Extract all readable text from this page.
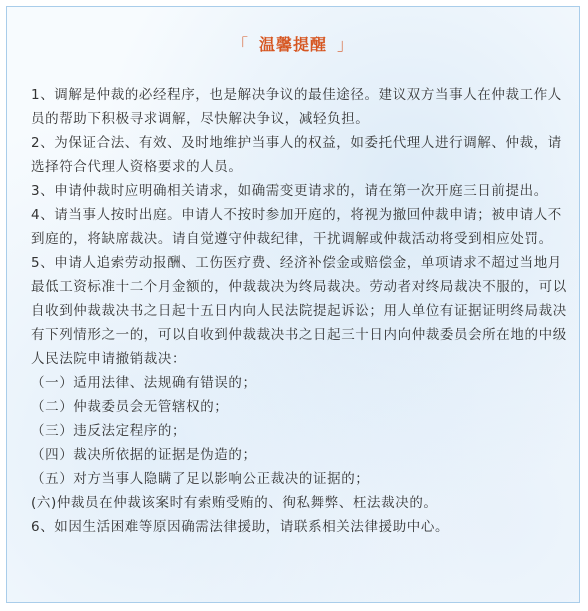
「 温馨提醒 」

1、调解是仲裁的必经程序，也是解决争议的最佳途径。建议双方当事人在仲裁工作人员的帮助下积极寻求调解，尽快解决争议，减轻负担。

2、为保证合法、有效、及时地维护当事人的权益，如委托代理人进行调解、仲裁，请选择符合代理人资格要求的人员。

3、申请仲裁时应明确相关请求，如确需变更请求的，请在第一次开庭三日前提出。

4、请当事人按时出庭。申请人不按时参加开庭的，将视为撤回仲裁申请；被申请人不到庭的，将缺席裁决。请自觉遵守仲裁纪律，干扰调解或仲裁活动将受到相应处罚。

5、申请人追索劳动报酬、工伤医疗费、经济补偿金或赔偿金，单项请求不超过当地月最低工资标准十二个月金额的，仲裁裁决为终局裁决。劳动者对终局裁决不服的，可以自收到仲裁裁决书之日起十五日内向人民法院提起诉讼；用人单位有证据证明终局裁决有下列情形之一的，可以自收到仲裁裁决书之日起三十日内向仲裁委员会所在地的中级人民法院申请撤销裁决：

（一）适用法律、法规确有错误的；

（二）仲裁委员会无管辖权的；

（三）违反法定程序的；

（四）裁决所依据的证据是伪造的；

（五）对方当事人隐瞒了足以影响公正裁决的证据的；

(六)仲裁员在仲裁该案时有索贿受贿的、徇私舞弊、枉法裁决的。

6、如因生活困难等原因确需法律援助，请联系相关法律援助中心。
